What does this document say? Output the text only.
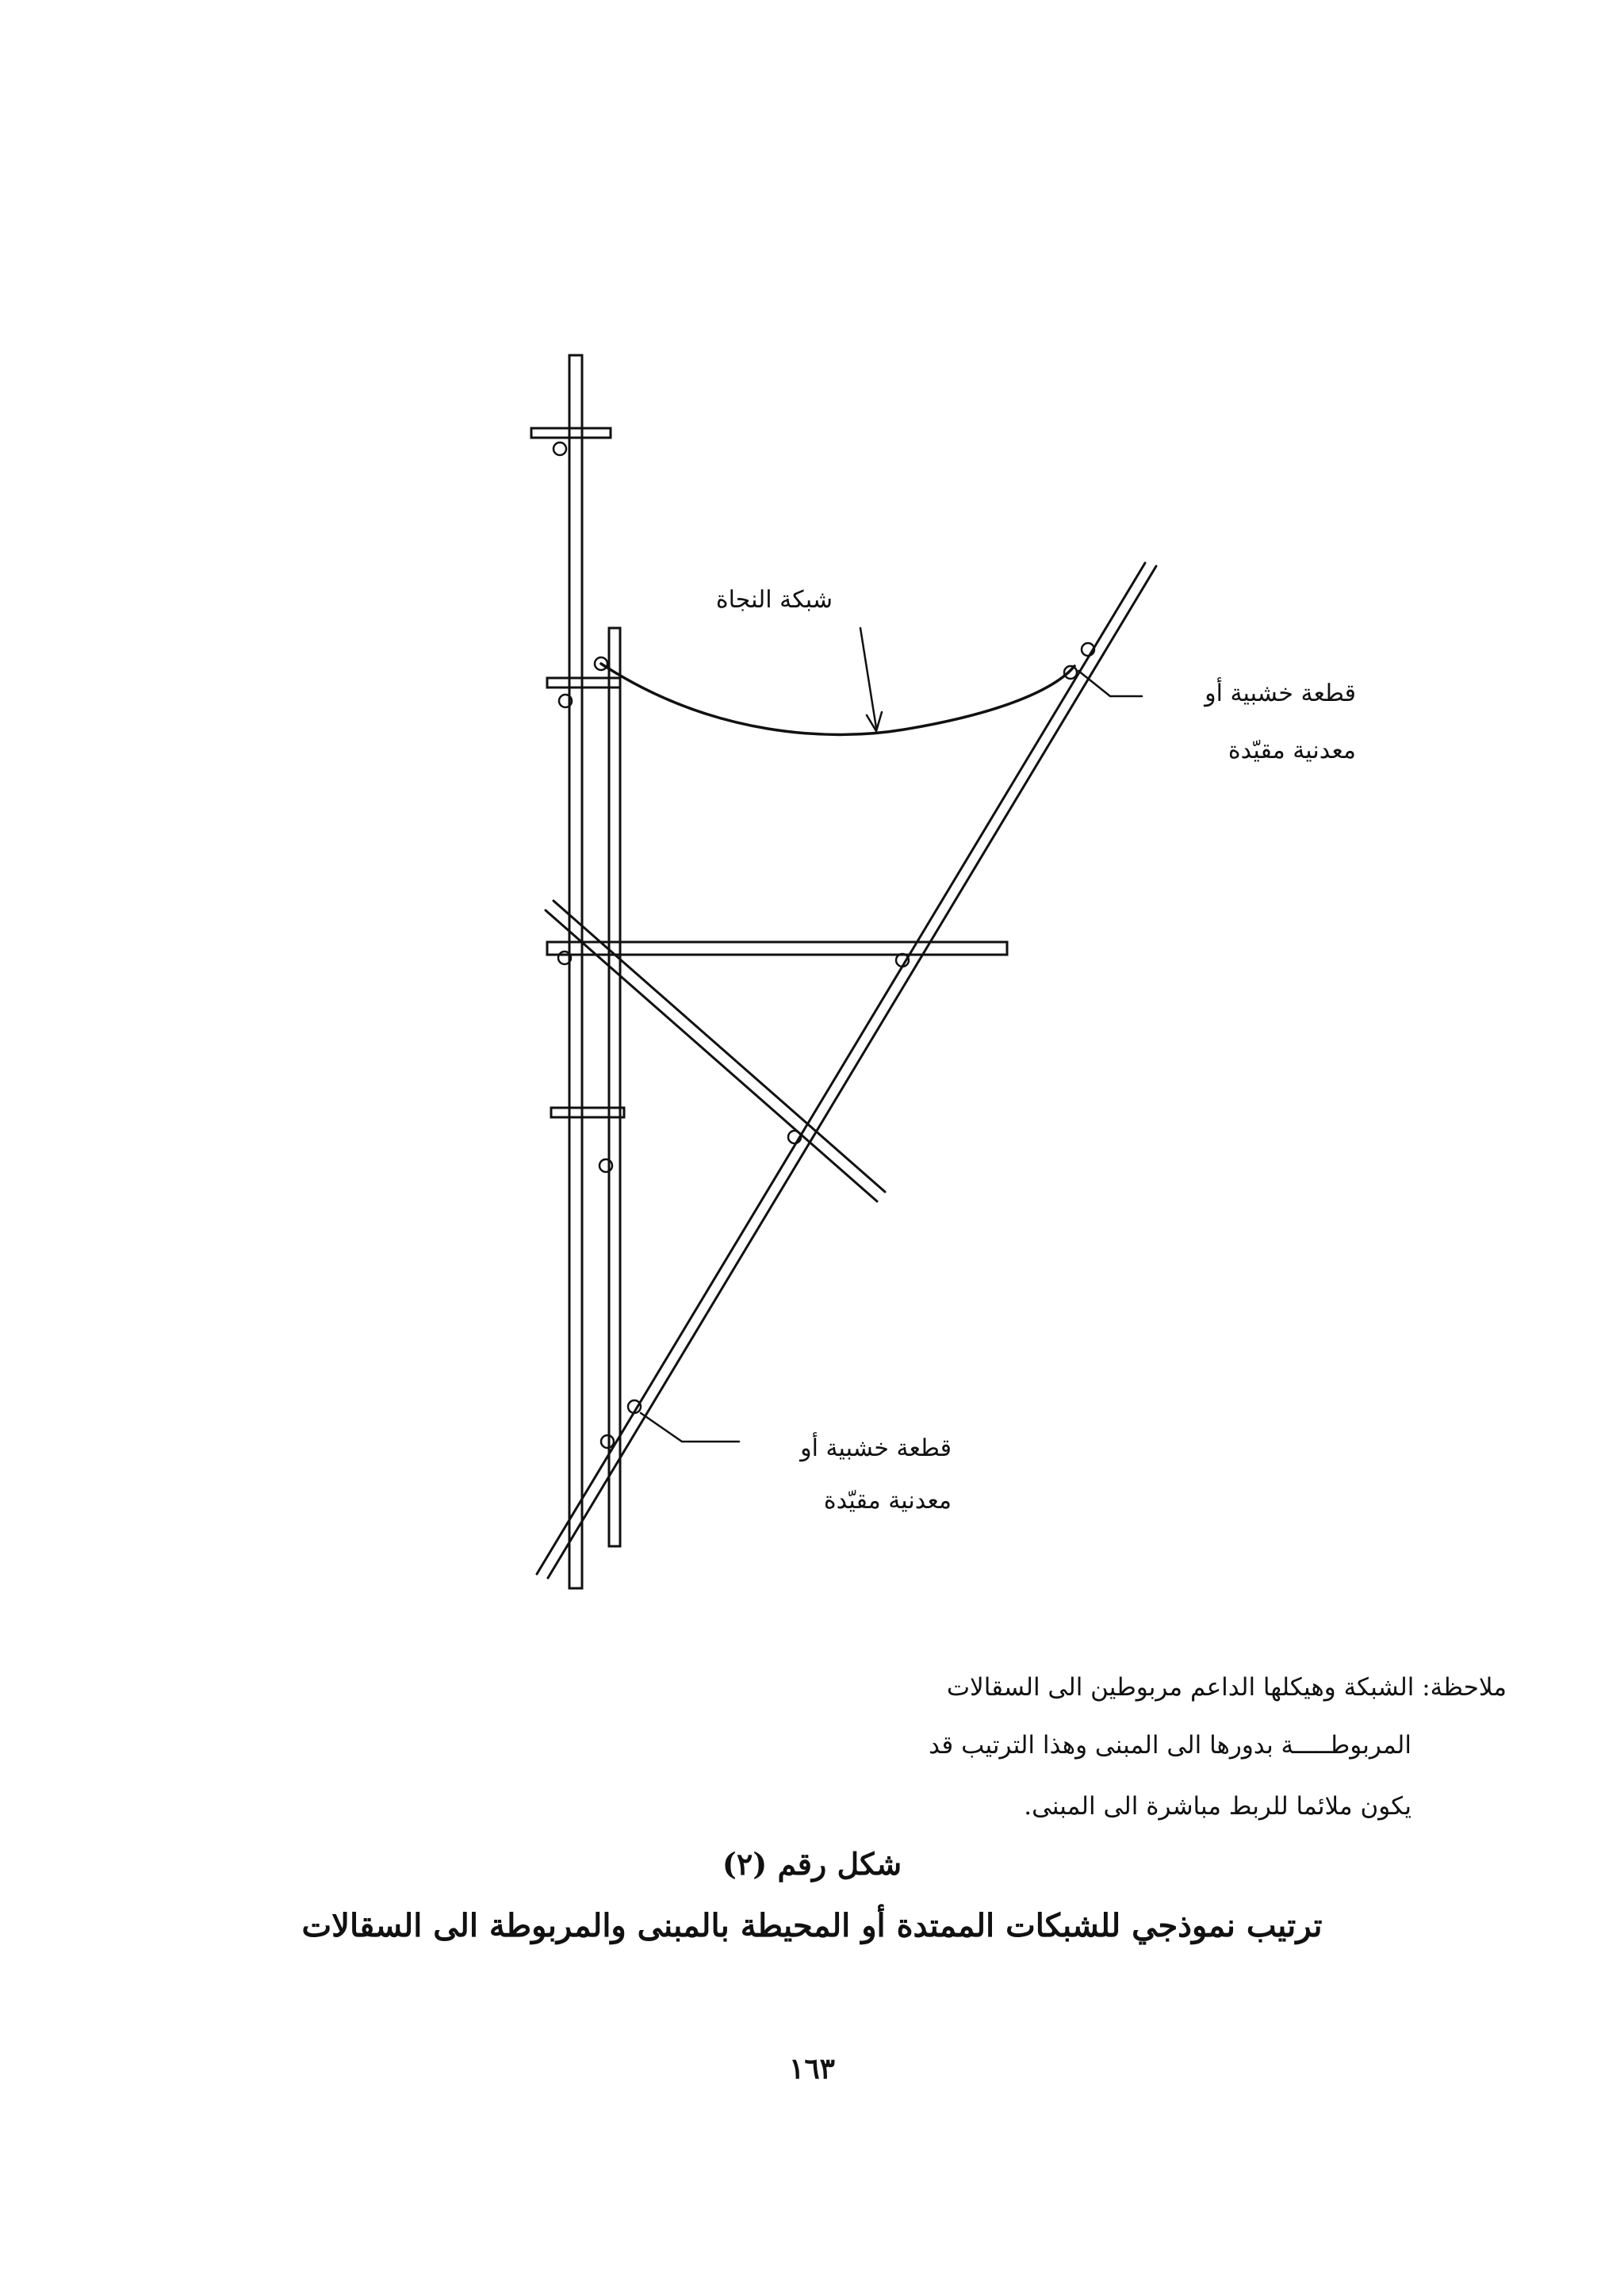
شبكة النجاة
قطعة خشبية أو
معدنية مقيّدة
قطعة خشبية أو
معدنية مقيّدة
ملاحظة: الشبكة وهيكلها الداعم مربوطين الى السقالات
المربوطـــــة بدورها الى المبنى وهذا الترتيب قد
يكون ملائما للربط مباشرة الى المبنى.
شكل رقم (٢)
ترتيب نموذجي للشبكات الممتدة أو المحيطة بالمبنى والمربوطة الى السقالات
١٦٣
